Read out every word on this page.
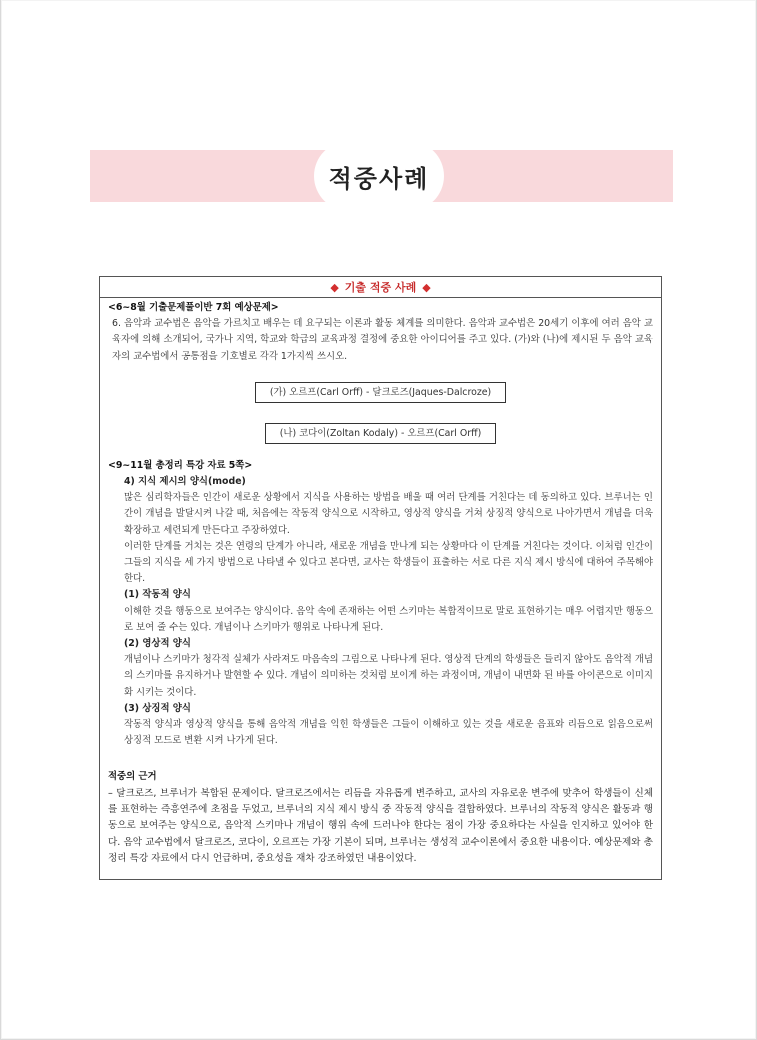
적중사례
◆ 기출 적중 사례 ◆
<6~8월 기출문제풀이반 7회 예상문제>
6. 음악과 교수법은 음악을 가르치고 배우는 데 요구되는 이론과 활동 체계를 의미한다. 음악과 교수법은 20세기 이후에 여러 음악 교육자에 의해 소개되어, 국가나 지역, 학교와 학급의 교육과정 결정에 중요한 아이디어를 주고 있다. (가)와 (나)에 제시된 두 음악 교육자의 교수법에서 공통점을 기호별로 각각 1가지씩 쓰시오.
(가) 오르프(Carl Orff) - 달크로즈(Jaques-Dalcroze)
(나) 코다이(Zoltan Kodaly) - 오르프(Carl Orff)
<9~11월 총정리 특강 자료 5쪽>
4) 지식 제시의 양식(mode)
많은 심리학자들은 인간이 새로운 상황에서 지식을 사용하는 방법을 배울 때 여러 단계를 거친다는 데 동의하고 있다. 브루너는 인간이 개념을 발달시켜 나갈 때, 처음에는 작동적 양식으로 시작하고, 영상적 양식을 거쳐 상징적 양식으로 나아가면서 개념을 더욱 확장하고 세련되게 만든다고 주장하였다.
이러한 단계를 거치는 것은 연령의 단계가 아니라, 새로운 개념을 만나게 되는 상황마다 이 단계를 거친다는 것이다. 이처럼 인간이 그들의 지식을 세 가지 방법으로 나타낼 수 있다고 본다면, 교사는 학생들이 표출하는 서로 다른 지식 제시 방식에 대하여 주목해야 한다.
(1) 작동적 양식
이해한 것을 행동으로 보여주는 양식이다. 음악 속에 존재하는 어떤 스키마는 복합적이므로 말로 표현하기는 매우 어렵지만 행동으로 보여 줄 수는 있다. 개념이나 스키마가 행위로 나타나게 된다.
(2) 영상적 양식
개념이나 스키마가 청각적 실체가 사라져도 마음속의 그림으로 나타나게 된다. 영상적 단계의 학생들은 들리지 않아도 음악적 개념의 스키마를 유지하거나 발현할 수 있다. 개념이 의미하는 것처럼 보이게 하는 과정이며, 개념이 내면화 된 바를 아이콘으로 이미지화 시키는 것이다.
(3) 상징적 양식
작동적 양식과 영상적 양식을 통해 음악적 개념을 익힌 학생들은 그들이 이해하고 있는 것을 새로운 음표와 리듬으로 읽음으로써 상징적 모드로 변환 시켜 나가게 된다.
적중의 근거
– 달크로즈, 브루너가 복합된 문제이다. 달크로즈에서는 리듬을 자유롭게 변주하고, 교사의 자유로운 변주에 맞추어 학생들이 신체를 표현하는 즉흥연주에 초점을 두었고, 브루너의 지식 제시 방식 중 작동적 양식을 결합하였다. 브루너의 작동적 양식은 활동과 행동으로 보여주는 양식으로, 음악적 스키마나 개념이 행위 속에 드러나야 한다는 점이 가장 중요하다는 사실을 인지하고 있어야 한다. 음악 교수법에서 달크로즈, 코다이, 오르프는 가장 기본이 되며, 브루너는 생성적 교수이론에서 중요한 내용이다. 예상문제와 총정리 특강 자료에서 다시 언급하며, 중요성을 재차 강조하였던 내용이었다.
